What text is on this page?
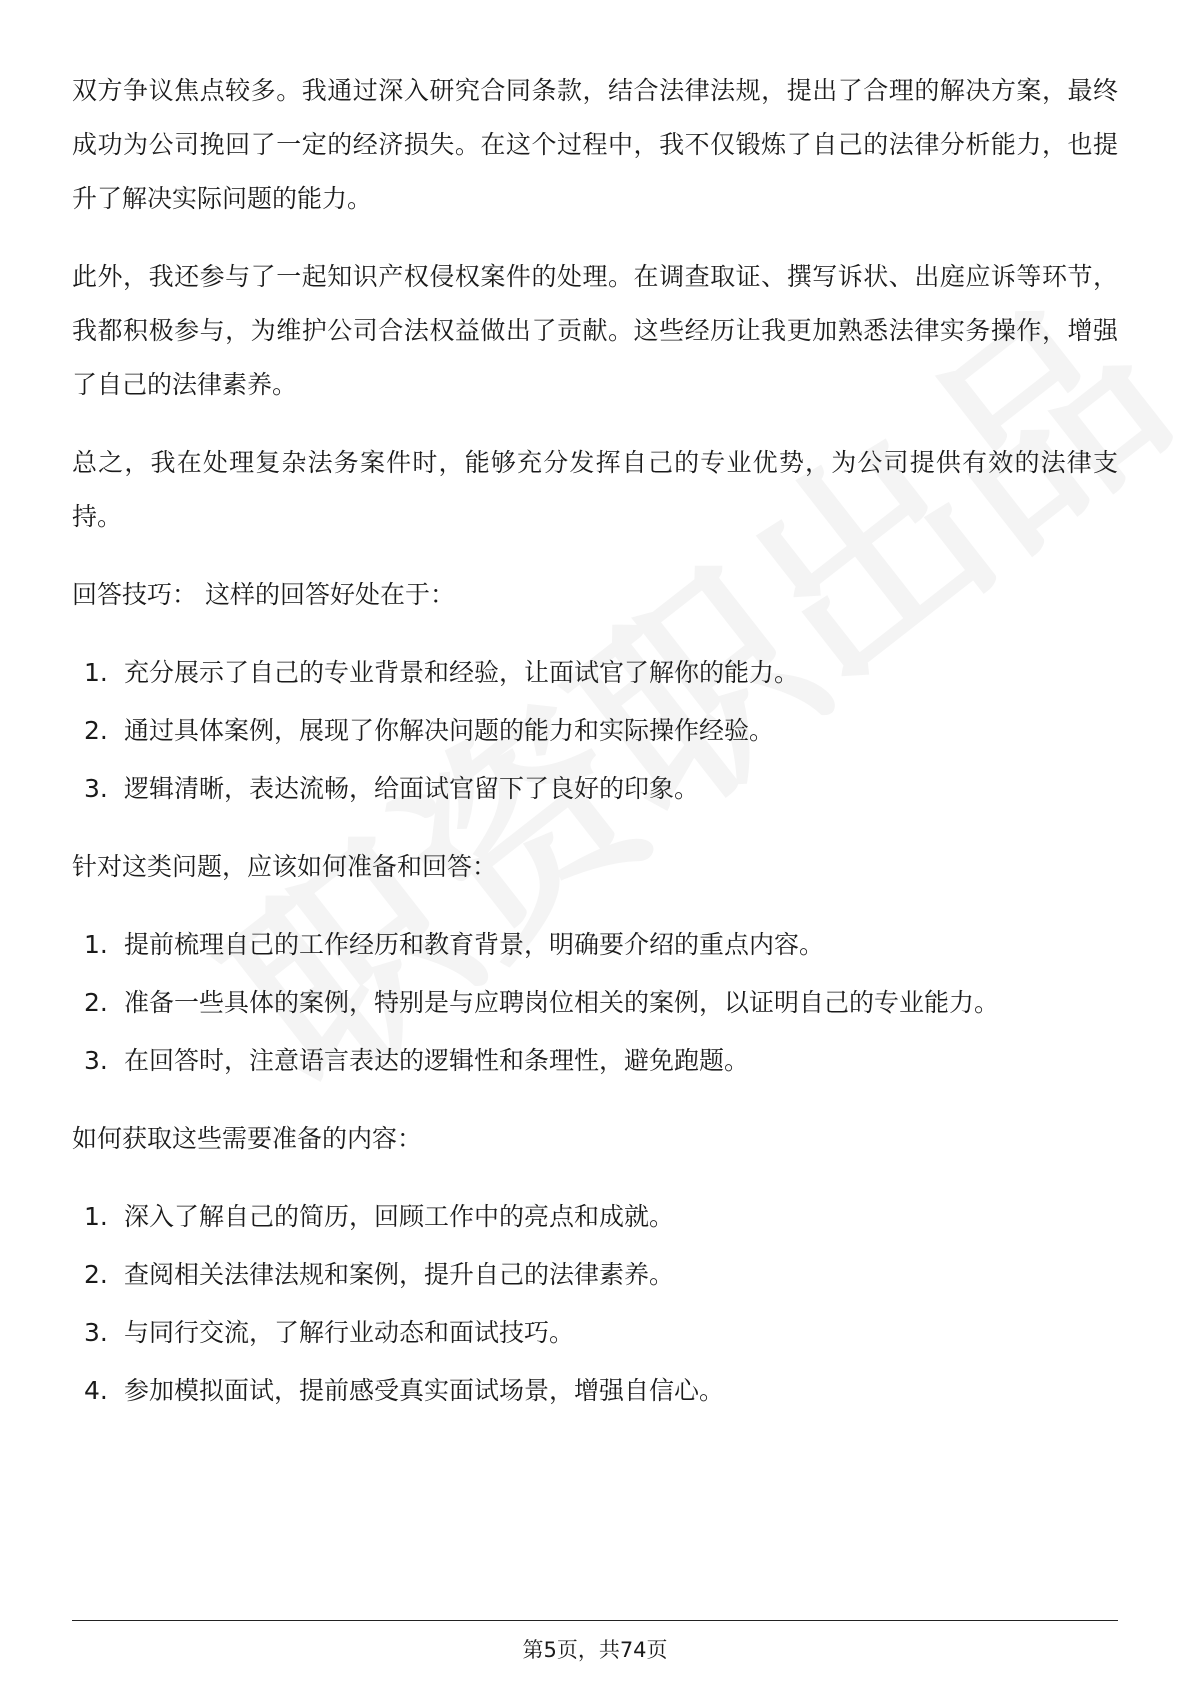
双方争议焦点较多。我通过深入研究合同条款，结合法律法规，提出了合理的解决方案，最终成功为公司挽回了一定的经济损失。在这个过程中，我不仅锻炼了自己的法律分析能力，也提升了解决实际问题的能力。

此外，我还参与了一起知识产权侵权案件的处理。在调查取证、撰写诉状、出庭应诉等环节，我都积极参与，为维护公司合法权益做出了贡献。这些经历让我更加熟悉法律实务操作，增强了自己的法律素养。

总之，我在处理复杂法务案件时，能够充分发挥自己的专业优势，为公司提供有效的法律支持。

回答技巧： 这样的回答好处在于：

1. 充分展示了自己的专业背景和经验，让面试官了解你的能力。
2. 通过具体案例，展现了你解决问题的能力和实际操作经验。
3. 逻辑清晰，表达流畅，给面试官留下了良好的印象。

针对这类问题，应该如何准备和回答：

1. 提前梳理自己的工作经历和教育背景，明确要介绍的重点内容。
2. 准备一些具体的案例，特别是与应聘岗位相关的案例，以证明自己的专业能力。
3. 在回答时，注意语言表达的逻辑性和条理性，避免跑题。

如何获取这些需要准备的内容：

1. 深入了解自己的简历，回顾工作中的亮点和成就。
2. 查阅相关法律法规和案例，提升自己的法律素养。
3. 与同行交流，了解行业动态和面试技巧。
4. 参加模拟面试，提前感受真实面试场景，增强自信心。
第5页，共74页
